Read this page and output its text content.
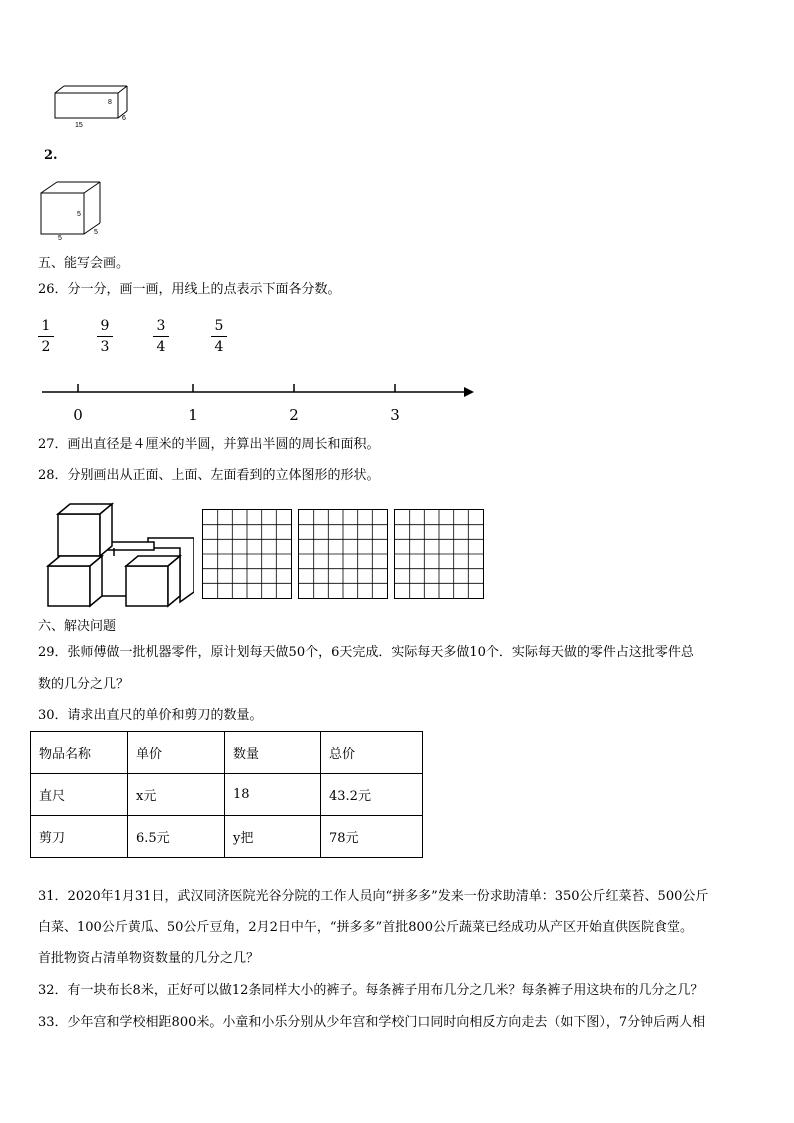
8
15
6
2.
5
5
5
五、能写会画。
26．分一分，画一画，用线上的点表示下面各分数。
1
2
9
3
3
4
5
4
0	1	2	3
27．画出直径是４厘米的半圆，并算出半圆的周长和面积。
28．分别画出从正面、上面、左面看到的立体图形的形状。
六、解决问题
29．张师傅做一批机器零件，原计划每天做50个，6天完成．实际每天多做10个．实际每天做的零件占这批零件总
数的几分之几？
30．请求出直尺的单价和剪刀的数量。
物品名称	单价	数量	总价
直尺	x元	18	43.2元
剪刀	6.5元	y把	78元
31．2020年1月31日，武汉同济医院光谷分院的工作人员向“拼多多”发来一份求助清单：350公斤红菜苔、500公斤
白菜、100公斤黄瓜、50公斤豆角，2月2日中午，“拼多多”首批800公斤蔬菜已经成功从产区开始直供医院食堂。
首批物资占清单物资数量的几分之几？
32．有一块布长8米，正好可以做12条同样大小的裤子。每条裤子用布几分之几米？每条裤子用这块布的几分之几？
33．少年宫和学校相距800米。小童和小乐分别从少年宫和学校门口同时向相反方向走去（如下图），7分钟后两人相
